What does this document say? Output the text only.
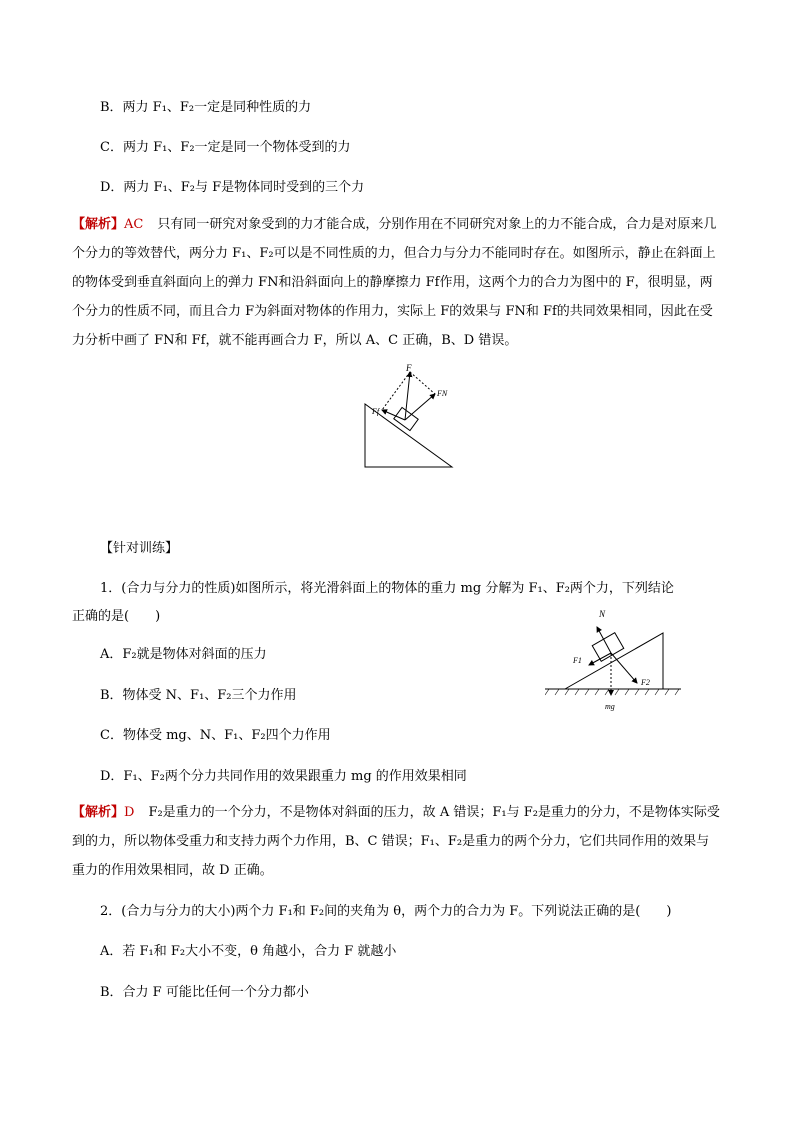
B．两力 F₁、F₂一定是同种性质的力
C．两力 F₁、F₂一定是同一个物体受到的力
D．两力 F₁、F₂与 F是物体同时受到的三个力
【解析】AC 只有同一研究对象受到的力才能合成，分别作用在不同研究对象上的力不能合成，合力是对原来几个分力的等效替代，两分力 F₁、F₂可以是不同性质的力，但合力与分力不能同时存在。如图所示，静止在斜面上的物体受到垂直斜面向上的弹力 FN和沿斜面向上的静摩擦力 Ff作用，这两个力的合力为图中的 F，很明显，两个分力的性质不同，而且合力 F为斜面对物体的作用力，实际上 F的效果与 FN和 Ff的共同效果相同，因此在受力分析中画了 FN和 Ff，就不能再画合力 F，所以 A、C 正确，B、D 错误。
F
FN
Ff
【针对训练】
1．(合力与分力的性质)如图所示，将光滑斜面上的物体的重力 mg 分解为 F₁、F₂两个力，下列结论
正确的是(　　)
A．F₂就是物体对斜面的压力
B．物体受 N、F₁、F₂三个力作用
C．物体受 mg、N、F₁、F₂四个力作用
D．F₁、F₂两个分力共同作用的效果跟重力 mg 的作用效果相同
N
F1
F2
mg
【解析】D F₂是重力的一个分力，不是物体对斜面的压力，故 A 错误；F₁与 F₂是重力的分力，不是物体实际受到的力，所以物体受重力和支持力两个力作用，B、C 错误；F₁、F₂是重力的两个分力，它们共同作用的效果与重力的作用效果相同，故 D 正确。
2．(合力与分力的大小)两个力 F₁和 F₂间的夹角为 θ，两个力的合力为 F。下列说法正确的是(　　)
A．若 F₁和 F₂大小不变，θ 角越小，合力 F 就越小
B．合力 F 可能比任何一个分力都小
